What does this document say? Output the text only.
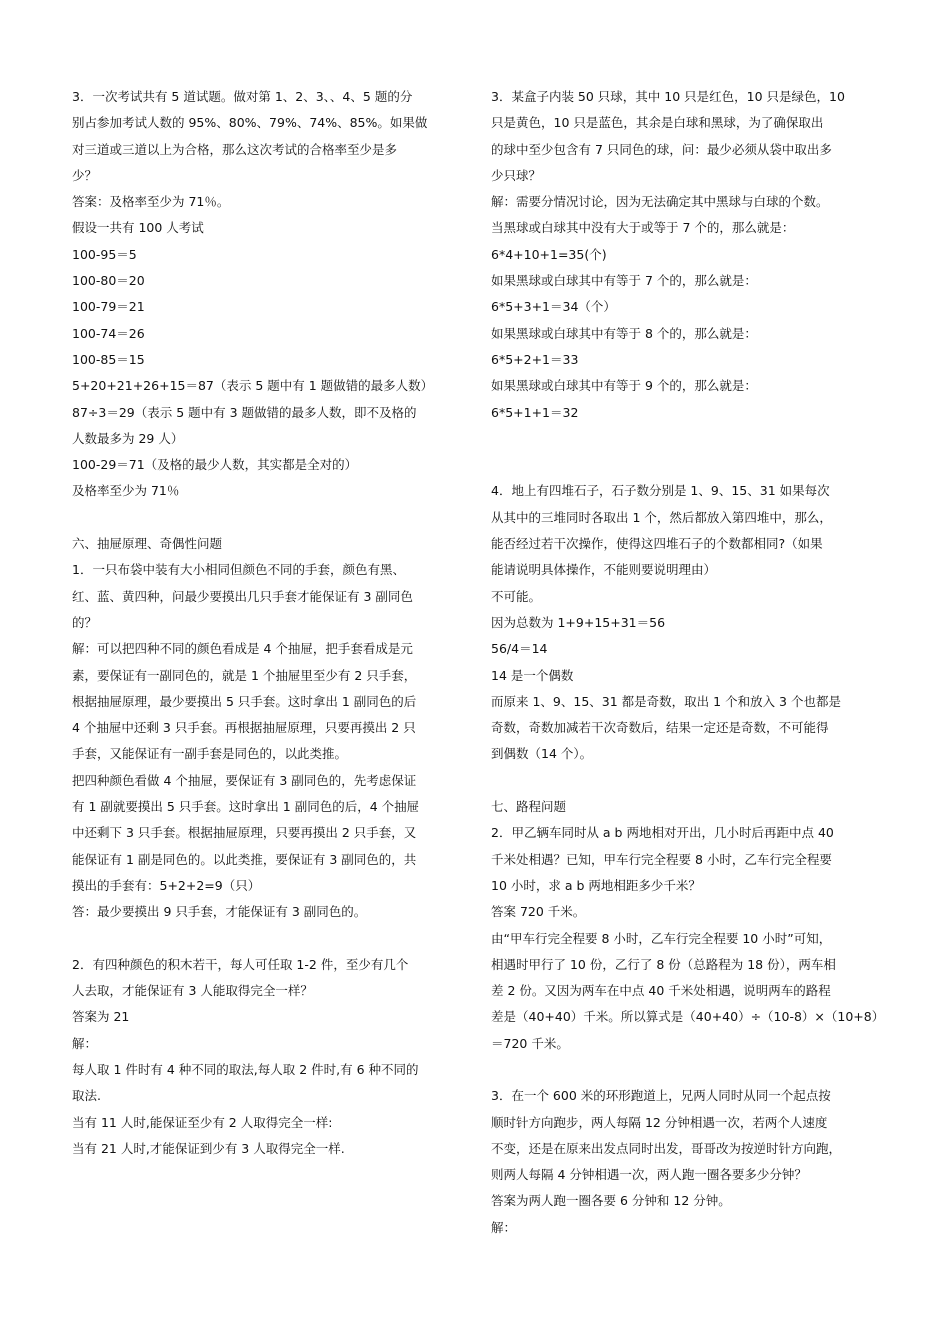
3．一次考试共有 5 道试题。做对第 1、2、3、、4、5 题的分
别占参加考试人数的 95%、80%、79%、74%、85%。如果做
对三道或三道以上为合格，那么这次考试的合格率至少是多
少？
答案：及格率至少为 71％。
假设一共有 100 人考试
100-95＝5
100-80＝20
100-79＝21
100-74＝26
100-85＝15
5+20+21+26+15＝87（表示 5 题中有 1 题做错的最多人数）
87÷3＝29（表示 5 题中有 3 题做错的最多人数，即不及格的
人数最多为 29 人）
100-29＝71（及格的最少人数，其实都是全对的）
及格率至少为 71％
六、抽屉原理、奇偶性问题
1．一只布袋中装有大小相同但颜色不同的手套，颜色有黑、
红、蓝、黄四种，问最少要摸出几只手套才能保证有 3 副同色
的？
解：可以把四种不同的颜色看成是 4 个抽屉，把手套看成是元
素，要保证有一副同色的，就是 1 个抽屉里至少有 2 只手套，
根据抽屉原理，最少要摸出 5 只手套。这时拿出 1 副同色的后
4 个抽屉中还剩 3 只手套。再根据抽屉原理，只要再摸出 2 只
手套，又能保证有一副手套是同色的，以此类推。
把四种颜色看做 4 个抽屉，要保证有 3 副同色的，先考虑保证
有 1 副就要摸出 5 只手套。这时拿出 1 副同色的后，4 个抽屉
中还剩下 3 只手套。根据抽屉原理，只要再摸出 2 只手套，又
能保证有 1 副是同色的。以此类推，要保证有 3 副同色的，共
摸出的手套有：5+2+2=9（只）
答：最少要摸出 9 只手套，才能保证有 3 副同色的。
2．有四种颜色的积木若干，每人可任取 1-2 件，至少有几个
人去取，才能保证有 3 人能取得完全一样？
答案为 21
解：
每人取 1 件时有 4 种不同的取法,每人取 2 件时,有 6 种不同的
取法.
当有 11 人时,能保证至少有 2 人取得完全一样:
当有 21 人时,才能保证到少有 3 人取得完全一样.
3．某盒子内装 50 只球，其中 10 只是红色，10 只是绿色，10
只是黄色，10 只是蓝色，其余是白球和黑球，为了确保取出
的球中至少包含有 7 只同色的球，问：最少必须从袋中取出多
少只球？
解：需要分情况讨论，因为无法确定其中黑球与白球的个数。
当黑球或白球其中没有大于或等于 7 个的，那么就是：
6*4+10+1=35(个)
如果黑球或白球其中有等于 7 个的，那么就是：
6*5+3+1＝34（个）
如果黑球或白球其中有等于 8 个的，那么就是：
6*5+2+1＝33
如果黑球或白球其中有等于 9 个的，那么就是：
6*5+1+1＝32
4．地上有四堆石子，石子数分别是 1、9、15、31 如果每次
从其中的三堆同时各取出 1 个，然后都放入第四堆中，那么，
能否经过若干次操作，使得这四堆石子的个数都相同?（如果
能请说明具体操作，不能则要说明理由）
不可能。
因为总数为 1+9+15+31＝56
56/4＝14
14 是一个偶数
而原来 1、9、15、31 都是奇数，取出 1 个和放入 3 个也都是
奇数，奇数加减若干次奇数后，结果一定还是奇数，不可能得
到偶数（14 个）。
七、路程问题
2．甲乙辆车同时从 a b 两地相对开出，几小时后再距中点 40
千米处相遇？已知，甲车行完全程要 8 小时，乙车行完全程要
10 小时，求 a b 两地相距多少千米？
答案 720 千米。
由“甲车行完全程要 8 小时，乙车行完全程要 10 小时”可知，
相遇时甲行了 10 份，乙行了 8 份（总路程为 18 份），两车相
差 2 份。又因为两车在中点 40 千米处相遇，说明两车的路程
差是（40+40）千米。所以算式是（40+40）÷（10-8）×（10+8）
＝720 千米。
3．在一个 600 米的环形跑道上，兄两人同时从同一个起点按
顺时针方向跑步，两人每隔 12 分钟相遇一次，若两个人速度
不变，还是在原来出发点同时出发，哥哥改为按逆时针方向跑，
则两人每隔 4 分钟相遇一次，两人跑一圈各要多少分钟？
答案为两人跑一圈各要 6 分钟和 12 分钟。
解：
